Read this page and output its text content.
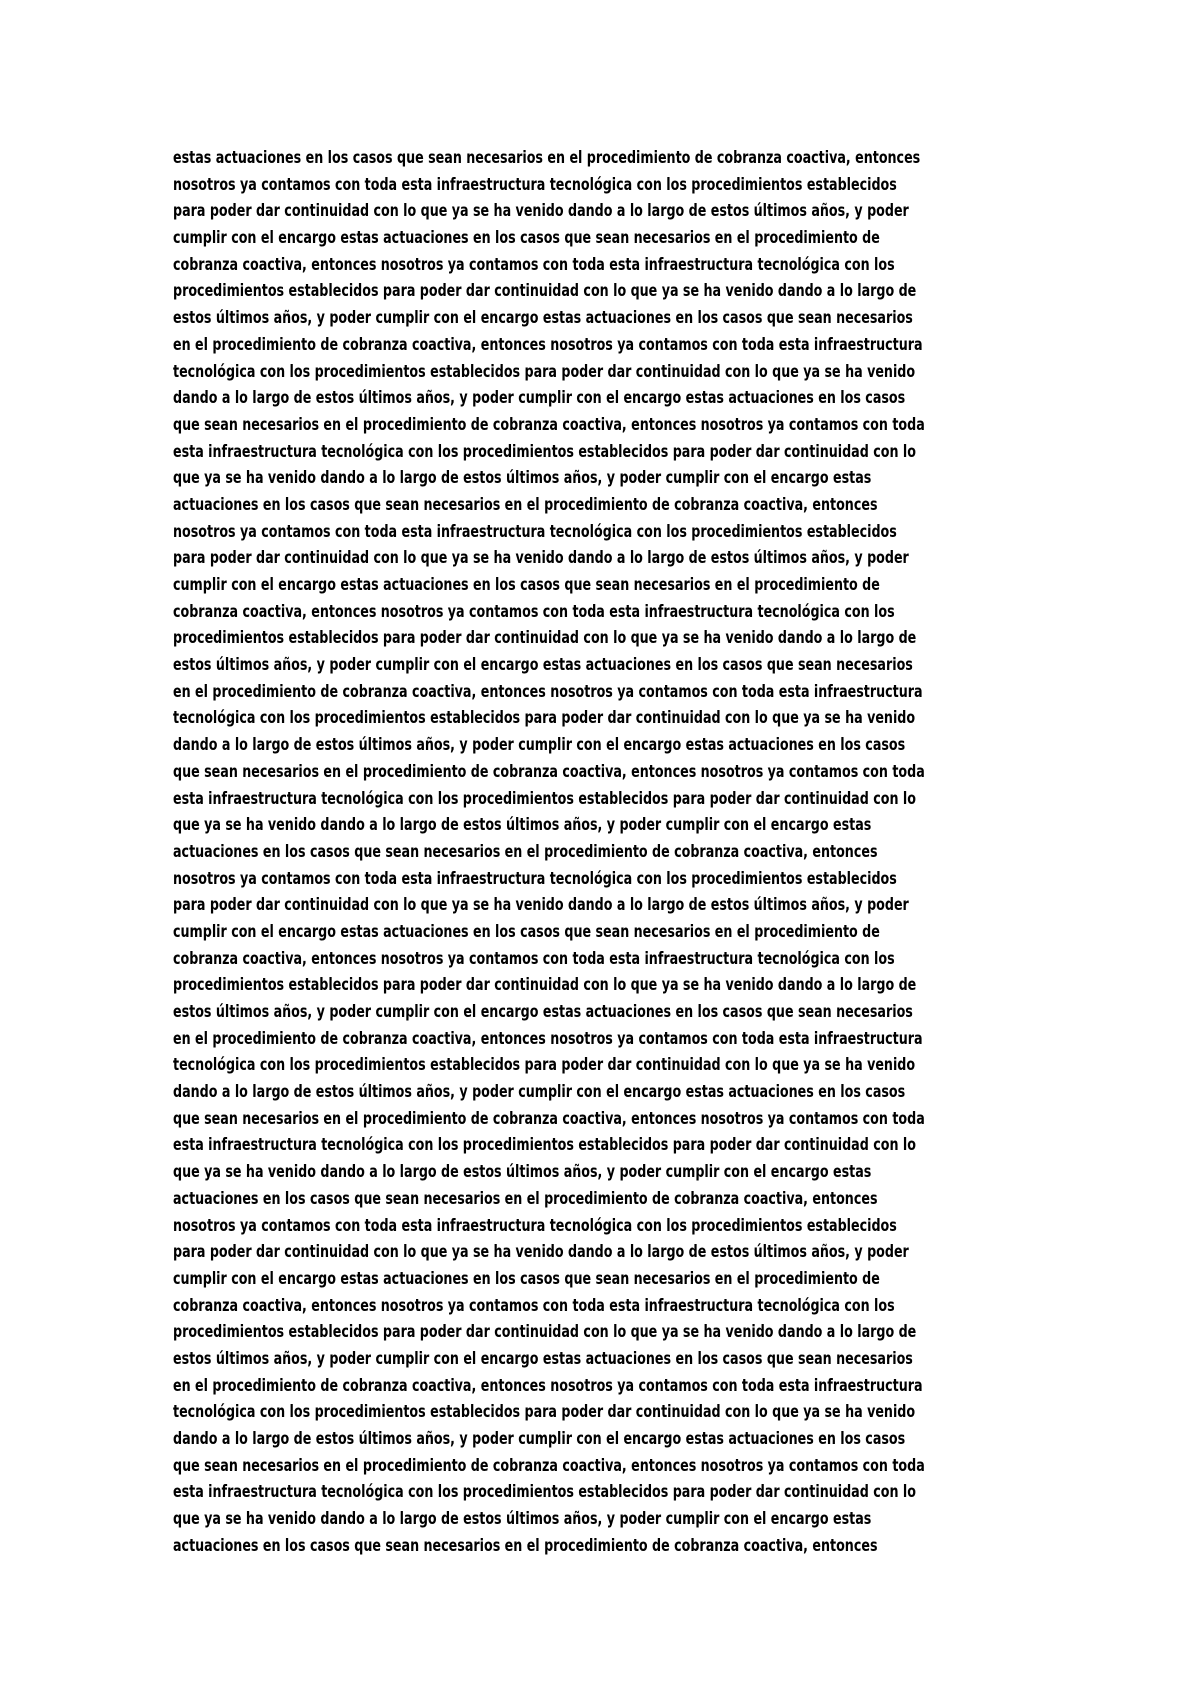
estas actuaciones en los casos que sean necesarios en el procedimiento de cobranza coactiva, entonces
nosotros ya contamos con toda esta infraestructura tecnológica con los procedimientos establecidos
para poder dar continuidad con lo que ya se ha venido dando a lo largo de estos últimos años, y poder
cumplir con el encargo estas actuaciones en los casos que sean necesarios en el procedimiento de
cobranza coactiva, entonces nosotros ya contamos con toda esta infraestructura tecnológica con los
procedimientos establecidos para poder dar continuidad con lo que ya se ha venido dando a lo largo de
estos últimos años, y poder cumplir con el encargo estas actuaciones en los casos que sean necesarios
en el procedimiento de cobranza coactiva, entonces nosotros ya contamos con toda esta infraestructura
tecnológica con los procedimientos establecidos para poder dar continuidad con lo que ya se ha venido
dando a lo largo de estos últimos años, y poder cumplir con el encargo estas actuaciones en los casos
que sean necesarios en el procedimiento de cobranza coactiva, entonces nosotros ya contamos con toda
esta infraestructura tecnológica con los procedimientos establecidos para poder dar continuidad con lo
que ya se ha venido dando a lo largo de estos últimos años, y poder cumplir con el encargo estas
actuaciones en los casos que sean necesarios en el procedimiento de cobranza coactiva, entonces
nosotros ya contamos con toda esta infraestructura tecnológica con los procedimientos establecidos
para poder dar continuidad con lo que ya se ha venido dando a lo largo de estos últimos años, y poder
cumplir con el encargo estas actuaciones en los casos que sean necesarios en el procedimiento de
cobranza coactiva, entonces nosotros ya contamos con toda esta infraestructura tecnológica con los
procedimientos establecidos para poder dar continuidad con lo que ya se ha venido dando a lo largo de
estos últimos años, y poder cumplir con el encargo estas actuaciones en los casos que sean necesarios
en el procedimiento de cobranza coactiva, entonces nosotros ya contamos con toda esta infraestructura
tecnológica con los procedimientos establecidos para poder dar continuidad con lo que ya se ha venido
dando a lo largo de estos últimos años, y poder cumplir con el encargo estas actuaciones en los casos
que sean necesarios en el procedimiento de cobranza coactiva, entonces nosotros ya contamos con toda
esta infraestructura tecnológica con los procedimientos establecidos para poder dar continuidad con lo
que ya se ha venido dando a lo largo de estos últimos años, y poder cumplir con el encargo estas
actuaciones en los casos que sean necesarios en el procedimiento de cobranza coactiva, entonces
nosotros ya contamos con toda esta infraestructura tecnológica con los procedimientos establecidos
para poder dar continuidad con lo que ya se ha venido dando a lo largo de estos últimos años, y poder
cumplir con el encargo estas actuaciones en los casos que sean necesarios en el procedimiento de
cobranza coactiva, entonces nosotros ya contamos con toda esta infraestructura tecnológica con los
procedimientos establecidos para poder dar continuidad con lo que ya se ha venido dando a lo largo de
estos últimos años, y poder cumplir con el encargo estas actuaciones en los casos que sean necesarios
en el procedimiento de cobranza coactiva, entonces nosotros ya contamos con toda esta infraestructura
tecnológica con los procedimientos establecidos para poder dar continuidad con lo que ya se ha venido
dando a lo largo de estos últimos años, y poder cumplir con el encargo estas actuaciones en los casos
que sean necesarios en el procedimiento de cobranza coactiva, entonces nosotros ya contamos con toda
esta infraestructura tecnológica con los procedimientos establecidos para poder dar continuidad con lo
que ya se ha venido dando a lo largo de estos últimos años, y poder cumplir con el encargo estas
actuaciones en los casos que sean necesarios en el procedimiento de cobranza coactiva, entonces
nosotros ya contamos con toda esta infraestructura tecnológica con los procedimientos establecidos
para poder dar continuidad con lo que ya se ha venido dando a lo largo de estos últimos años, y poder
cumplir con el encargo estas actuaciones en los casos que sean necesarios en el procedimiento de
cobranza coactiva, entonces nosotros ya contamos con toda esta infraestructura tecnológica con los
procedimientos establecidos para poder dar continuidad con lo que ya se ha venido dando a lo largo de
estos últimos años, y poder cumplir con el encargo estas actuaciones en los casos que sean necesarios
en el procedimiento de cobranza coactiva, entonces nosotros ya contamos con toda esta infraestructura
tecnológica con los procedimientos establecidos para poder dar continuidad con lo que ya se ha venido
dando a lo largo de estos últimos años, y poder cumplir con el encargo estas actuaciones en los casos
que sean necesarios en el procedimiento de cobranza coactiva, entonces nosotros ya contamos con toda
esta infraestructura tecnológica con los procedimientos establecidos para poder dar continuidad con lo
que ya se ha venido dando a lo largo de estos últimos años, y poder cumplir con el encargo estas
actuaciones en los casos que sean necesarios en el procedimiento de cobranza coactiva, entonces
